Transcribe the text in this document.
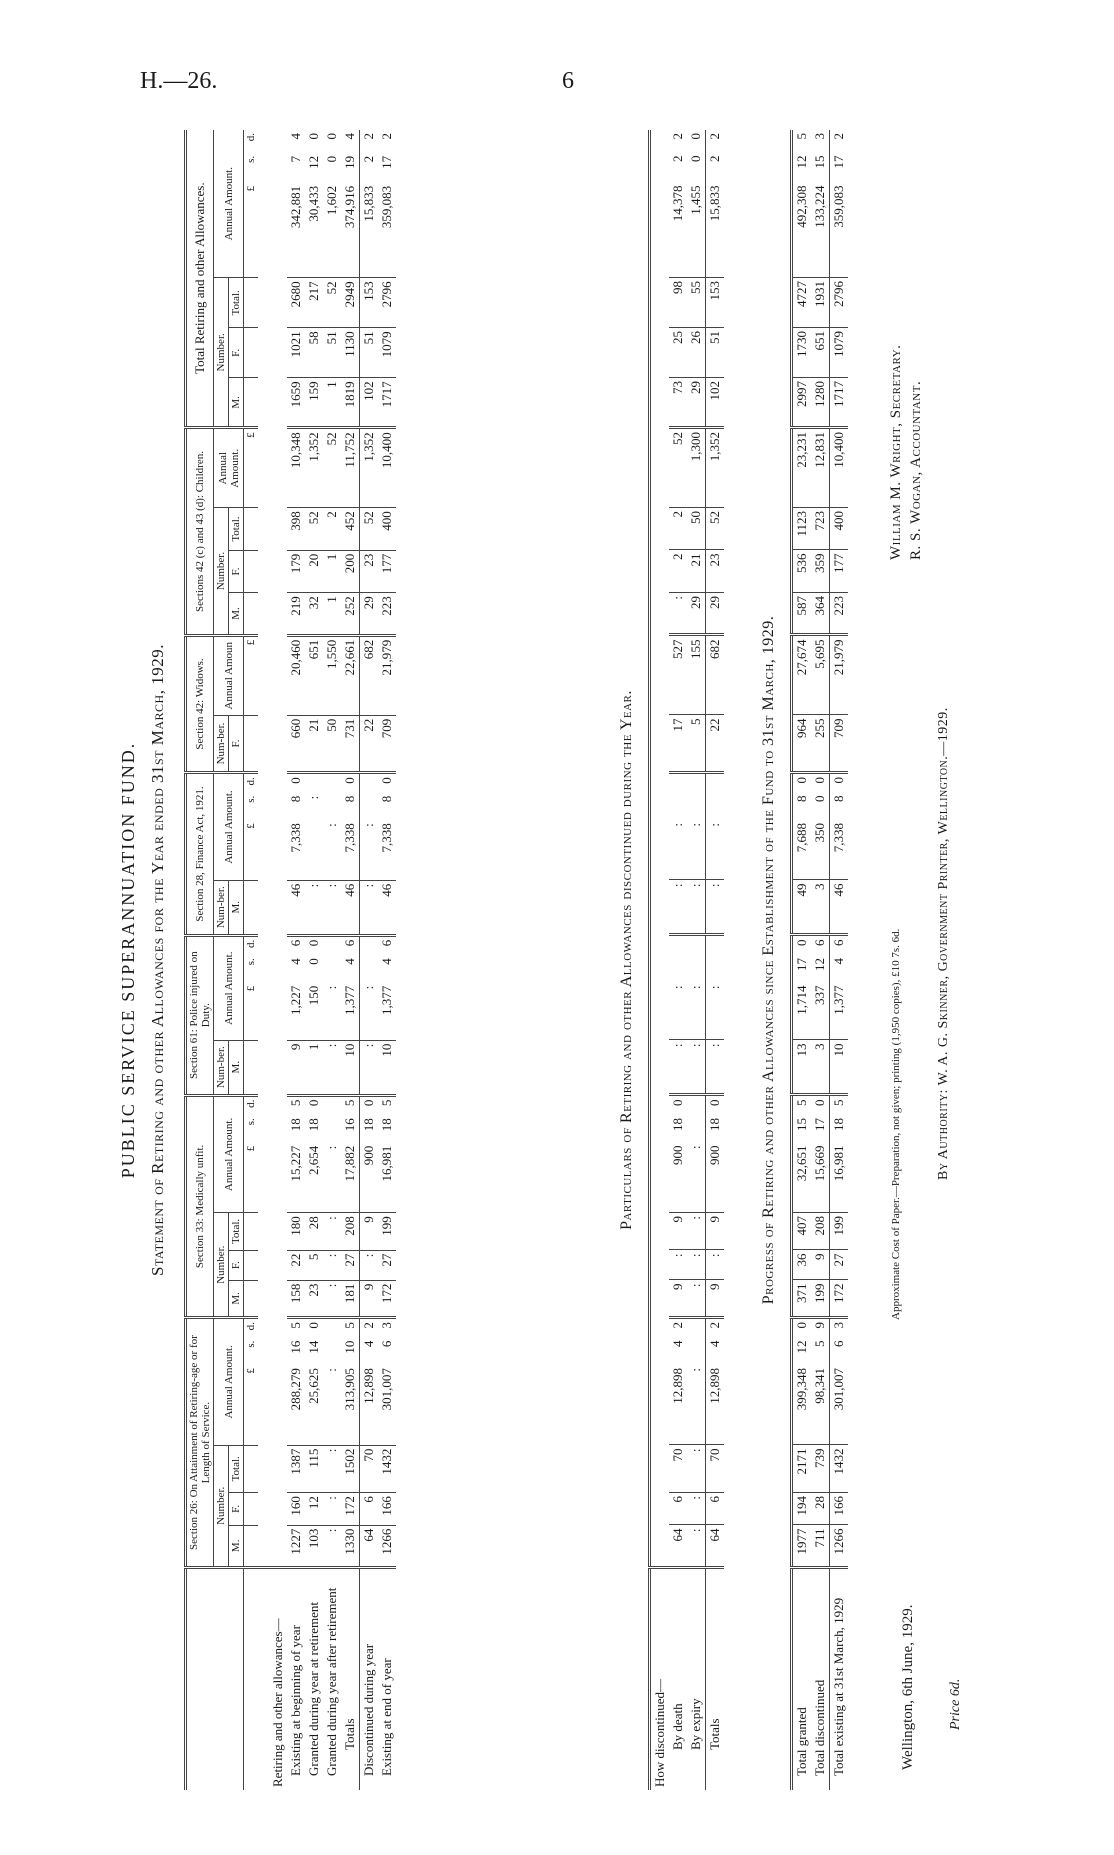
H.—26.	6
PUBLIC SERVICE SUPERANNUATION FUND. Statement of Retiring and other Allowances for the Year ended 31st March, 1929.
	Section 26: On Attainment of Retiring-age or for Length of Service.						Section 33: Medically unfit.						Section 61: Police injured on Duty.				Section 28, Finance Act, 1921.				Section 42: Widows.		Sections 42 (c) and 43 (d): Children.				Total Retiring and other Allowances.					
	Number.			Annual Amount.			Number.			Annual Amount.			Num-ber.	Annual Amount.			Num-ber.	Annual Amount.			Num-ber.	Annual Amoun	Number.			Annual Amount.	Number.			Annual Amount.		
	M.	F.	Total.				M.	F.	Total.				M.				M.				F.		M.	F.	Total.		M.	F.	Total.			
				£	s.	d.				£	s.	d.		£	s.	d.		£	s.	d.		£				£				£	s.	d.
Retiring and other allowances—																																
Existing at beginning of year	1227	160	1387	288,279	16	5	158	22	180	15,227	18	5	9	1,227	4	6	46	7,338	8	0	660	20,460	219	179	398	10,348	1659	1021	2680	342,881	7	4
Granted during year at retirement	103	12	115	25,625	14	0	23	5	28	2,654	18	0	1	150	0	0	:		:		21	651	32	20	52	1,352	159	58	217	30,433	12	0
Granted during year after retirement	:	:	:	:			:	:	:	:			:	:			:	:			50	1,550	1	1	2	52	1	51	52	1,602	0	0
Totals	1330	172	1502	313,905	10	5	181	27	208	17,882	16	5	10	1,377	4	6	46	7,338	8	0	731	22,661	252	200	452	11,752	1819	1130	2949	374,916	19	4
Discontinued during year	64	6	70	12,898	4	2	9	:	9	900	18	0	:	:			:	:			22	682	29	23	52	1,352	102	51	153	15,833	2	2
Existing at end of year	1266	166	1432	301,007	6	3	172	27	199	16,981	18	5	10	1,377	4	6	46	7,338	8	0	709	21,979	223	177	400	10,400	1717	1079	2796	359,083	17	2
Particulars of Retiring and other Allowances discontinued during the Year.
How discontinued—																																
By death	64	6	70	12,898	4	2	9	:	9	900	18	0	:	:			:	:			17	527	:	2	2	52	73	25	98	14,378	2	2
By expiry	:	:	:	:			:	:	:	:			:	:			:	:			5	155	29	21	50	1,300	29	26	55	1,455	0	0
Totals	64	6	70	12,898	4	2	9	:	9	900	18	0	:	:			:	:			22	682	29	23	52	1,352	102	51	153	15,833	2	2
Progress of Retiring and other Allowances since Establishment of the Fund to 31st March, 1929.
Total granted	1977	194	2171	399,348	12	0	371	36	407	32,651	15	5	13	1,714	17	0	49	7,688	8	0	964	27,674	587	536	1123	23,231	2997	1730	4727	492,308	12	5
Total discontinued	711	28	739	98,341	5	9	199	9	208	15,669	17	0	3	337	12	6	3	350	0	0	255	5,695	364	359	723	12,831	1280	651	1931	133,224	15	3
Total existing at 31st March, 1929	1266	166	1432	301,007	6	3	172	27	199	16,981	18	5	10	1,377	4	6	46	7,338	8	0	709	21,979	223	177	400	10,400	1717	1079	2796	359,083	17	2
Wellington, 6th June, 1929. Price 6d.
Approximate Cost of Paper.—Preparation, not given; printing (1,950 copies), £10 7s. 6d. By Authority: W. A. G. Skinner, Government Printer, Wellington.—1929.
William M. Wright, Secretary. R. S. Wogan, Accountant.
